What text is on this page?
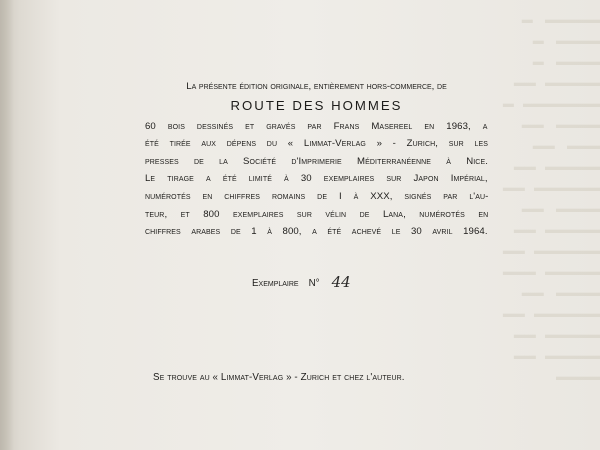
▬▬▬▬▬    ▬
▬▬▬▬    ▬
▬▬▬▬    ▬
▬▬▬▬▬   ▬▬
▬▬▬▬▬▬▬   ▬
▬▬▬▬    ▬▬
▬▬▬    ▬▬
▬▬▬▬▬   ▬▬
▬▬▬▬▬▬   ▬▬
▬▬▬▬    ▬▬
▬▬▬▬▬   ▬▬
▬▬▬▬▬▬   ▬▬
▬▬▬▬▬   ▬▬▬
▬▬▬▬    ▬▬
▬▬▬▬▬▬   ▬▬
▬▬▬▬▬   ▬▬
▬▬▬▬▬   ▬▬
▬▬▬▬
La présente édition originale, entièrement hors-commerce, de
ROUTE DES HOMMES
60 bois dessinés et gravés par Frans Masereel en 1963, a
été tirée aux dépens du « Limmat-Verlag » - Zurich, sur les
presses de la Société d'Imprimerie Méditerranéenne à Nice.
Le tirage a été limité à 30 exemplaires sur Japon Impérial,
numérotés en chiffres romains de I à XXX, signés par l'au-
teur, et 800 exemplaires sur vélin de Lana, numérotés en
chiffres arabes de 1 à 800, a été achevé le 30 avril 1964.
Exemplaire N° 44
Se trouve au « Limmat-Verlag » - Zurich et chez l'auteur.
